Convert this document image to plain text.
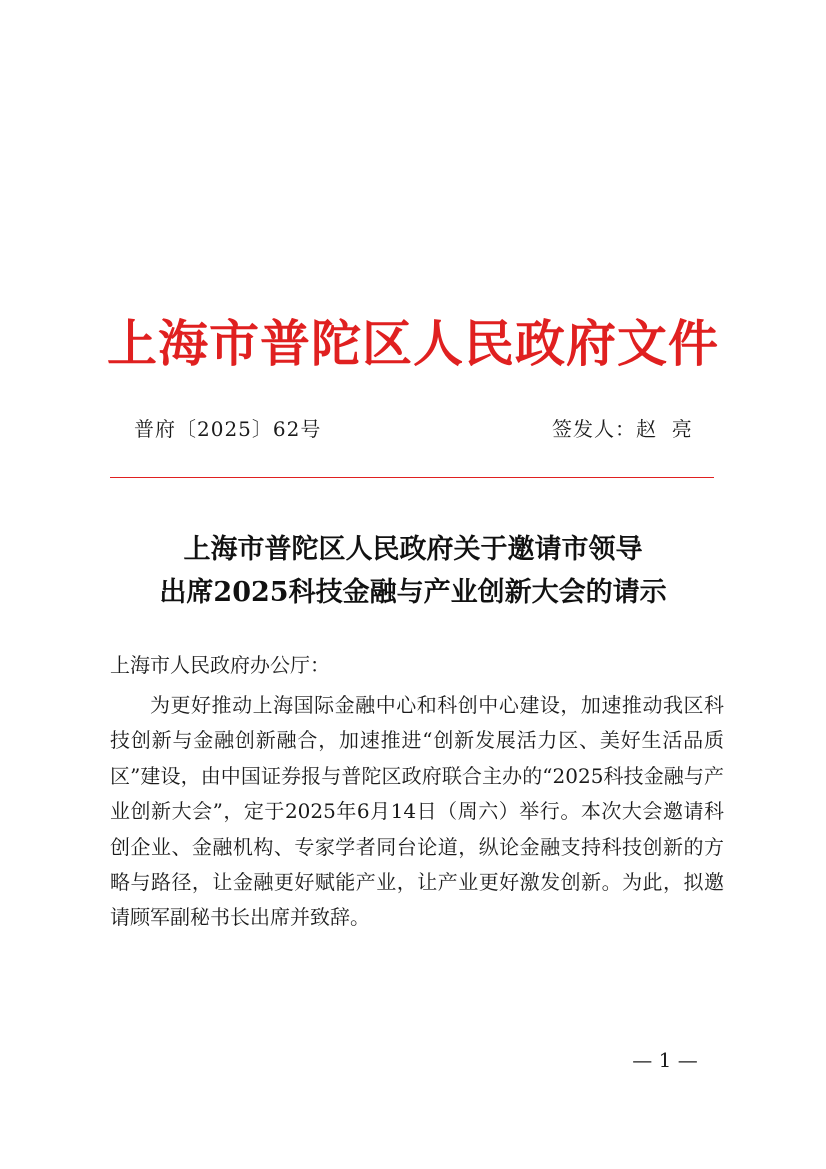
上海市普陀区人民政府文件
普府〔2025〕62号	签发人：赵  亮
上海市普陀区人民政府关于邀请市领导
出席2025科技金融与产业创新大会的请示
上海市人民政府办公厅：

为更好推动上海国际金融中心和科创中心建设，加速推动我区科技创新与金融创新融合，加速推进“创新发展活力区、美好生活品质区”建设，由中国证券报与普陀区政府联合主办的“2025科技金融与产业创新大会”，定于2025年6月14日（周六）举行。本次大会邀请科创企业、金融机构、专家学者同台论道，纵论金融支持科技创新的方略与路径，让金融更好赋能产业，让产业更好激发创新。为此，拟邀请顾军副秘书长出席并致辞。

— 1 —
